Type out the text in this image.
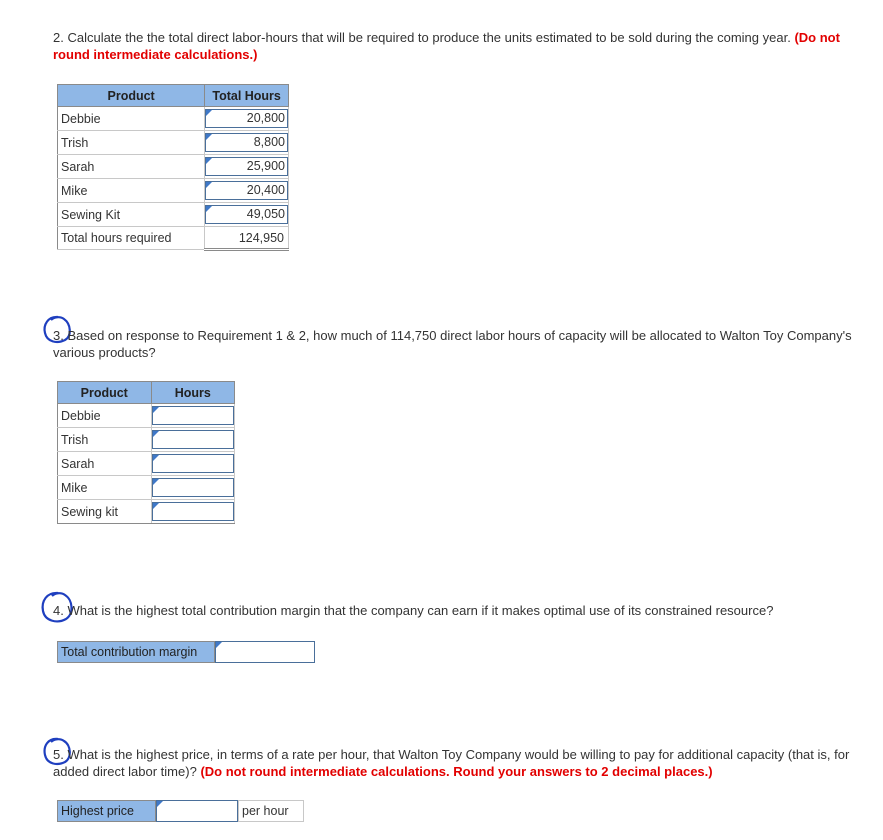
2. Calculate the the total direct labor-hours that will be required to produce the units estimated to be sold during the coming year. (Do not round intermediate calculations.)
Product	Total Hours
Debbie	20,800

Trish	8,800

Sarah	25,900

Mike	20,400

Sewing Kit	49,050

Total hours required	124,950
3. Based on response to Requirement 1 & 2, how much of 114,750 direct labor hours of capacity will be allocated to Walton Toy Company's various products?
Product	Hours
Debbie	

Trish	

Sarah	

Mike	

Sewing kit	
4. What is the highest total contribution margin that the company can earn if it makes optimal use of its constrained resource?
Total contribution margin
5. What is the highest price, in terms of a rate per hour, that Walton Toy Company would be willing to pay for additional capacity (that is, for added direct labor time)? (Do not round intermediate calculations. Round your answers to 2 decimal places.)
Highest price	per hour
